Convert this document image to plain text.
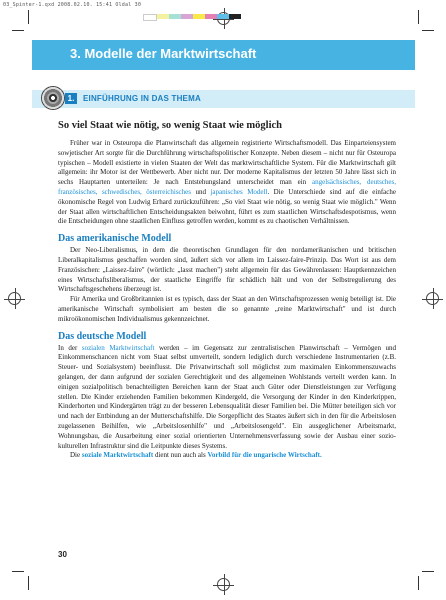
03_Spinter-1.qxd 2008.02.10. 15:41 Oldal 30
3. Modelle der Marktwirtschaft
1.	EINFÜHRUNG IN DAS THEMA
So viel Staat wie nötig, so wenig Staat wie möglich

Früher war in Osteuropa die Planwirtschaft das allgemein registrierte Wirtschaftsmodell. Das Einparteiensystem sowjetischer Art sorgte für die Durchführung wirtschaftspolitischer Konzepte. Neben diesem – nicht nur für Osteuropa typischen – Modell existierte in vielen Staaten der Welt das marktwirtschaftliche System. Für die Marktwirtschaft gilt allgemein: ihr Motor ist der Wettbewerb. Aber nicht nur. Der moderne Kapitalismus der letzten 50 Jahre lässt sich in sechs Hauptarten unterteilen: Je nach Entstehungsland unterscheidet man ein angelsächsisches, deutsches, französisches, schwedisches, österreichisches und japanisches Modell. Die Unterschiede sind auf die einfache ökonomische Regel von Ludwig Erhard zurückzuführen: „So viel Staat wie nötig, so wenig Staat wie möglich." Wenn der Staat allen wirtschaftlichen Entscheidungsakten beiwohnt, führt es zum staatlichen Wirtschaftsdespotismus, wenn die Entscheidungen ohne staatlichen Einfluss getroffen werden, kommt es zu chaotischen Verhältnissen.

Das amerikanische Modell

Der Neo-Liberalismus, in dem die theoretischen Grundlagen für den nordamerikanischen und britischen Liberalkapitalismus geschaffen worden sind, äußert sich vor allem im Laissez-faire-Prinzip. Das Wort ist aus dem Französischen: „Laissez-faire" (wörtlich: „lasst machen") steht allgemein für das Gewährenlassen: Hauptkennzeichen eines Wirtschaftsliberalismus, der staatliche Eingriffe für schädlich hält und von der Selbstregulierung des Wirtschaftsgeschehens überzeugt ist.

Für Amerika und Großbritannien ist es typisch, dass der Staat an den Wirtschaftsprozessen wenig beteiligt ist. Die amerikanische Wirtschaft symbolisiert am besten die so genannte „reine Marktwirtschaft" und ist durch mikroökonomischen Individualismus gekennzeichnet.

Das deutsche Modell

In der sozialen Marktwirtschaft werden – im Gegensatz zur zentralistischen Planwirtschaft – Vermögen und Einkommenschancen nicht vom Staat selbst umverteilt, sondern lediglich durch verschiedene Instrumentarien (z.B. Steuer- und Sozialsystem) beeinflusst. Die Privatwirtschaft soll möglichst zum maximalen Einkommenszuwachs gelangen, der dann aufgrund der sozialen Gerechtigkeit und des allgemeinen Wohlstands verteilt werden kann. In einigen sozialpolitisch benachteiligten Bereichen kann der Staat auch Güter oder Dienstleistungen zur Verfügung stellen. Die Kinder erziehenden Familien bekommen Kindergeld, die Versorgung der Kinder in den Kinderkrippen, Kinderhorten und Kindergärten trägt zu der besseren Lebensqualität dieser Familien bei. Die Mütter beteiligen sich vor und nach der Entbindung an der Mutterschaftshilfe. Die Sorgepflicht des Staates äußert sich in den für die Arbeitslosen zugelassenen Beihilfen, wie „Arbeitslosenhilfe" und „Arbeitslosengeld". Ein ausgeglichener Arbeitsmarkt, Wohnungsbau, die Ausarbeitung einer sozial orientierten Unternehmensverfassung sowie der Ausbau einer sozio-kulturellen Infrastruktur sind die Leitpunkte dieses Systems.

Die soziale Marktwirtschaft dient nun auch als Vorbild für die ungarische Wirtschaft.

30
